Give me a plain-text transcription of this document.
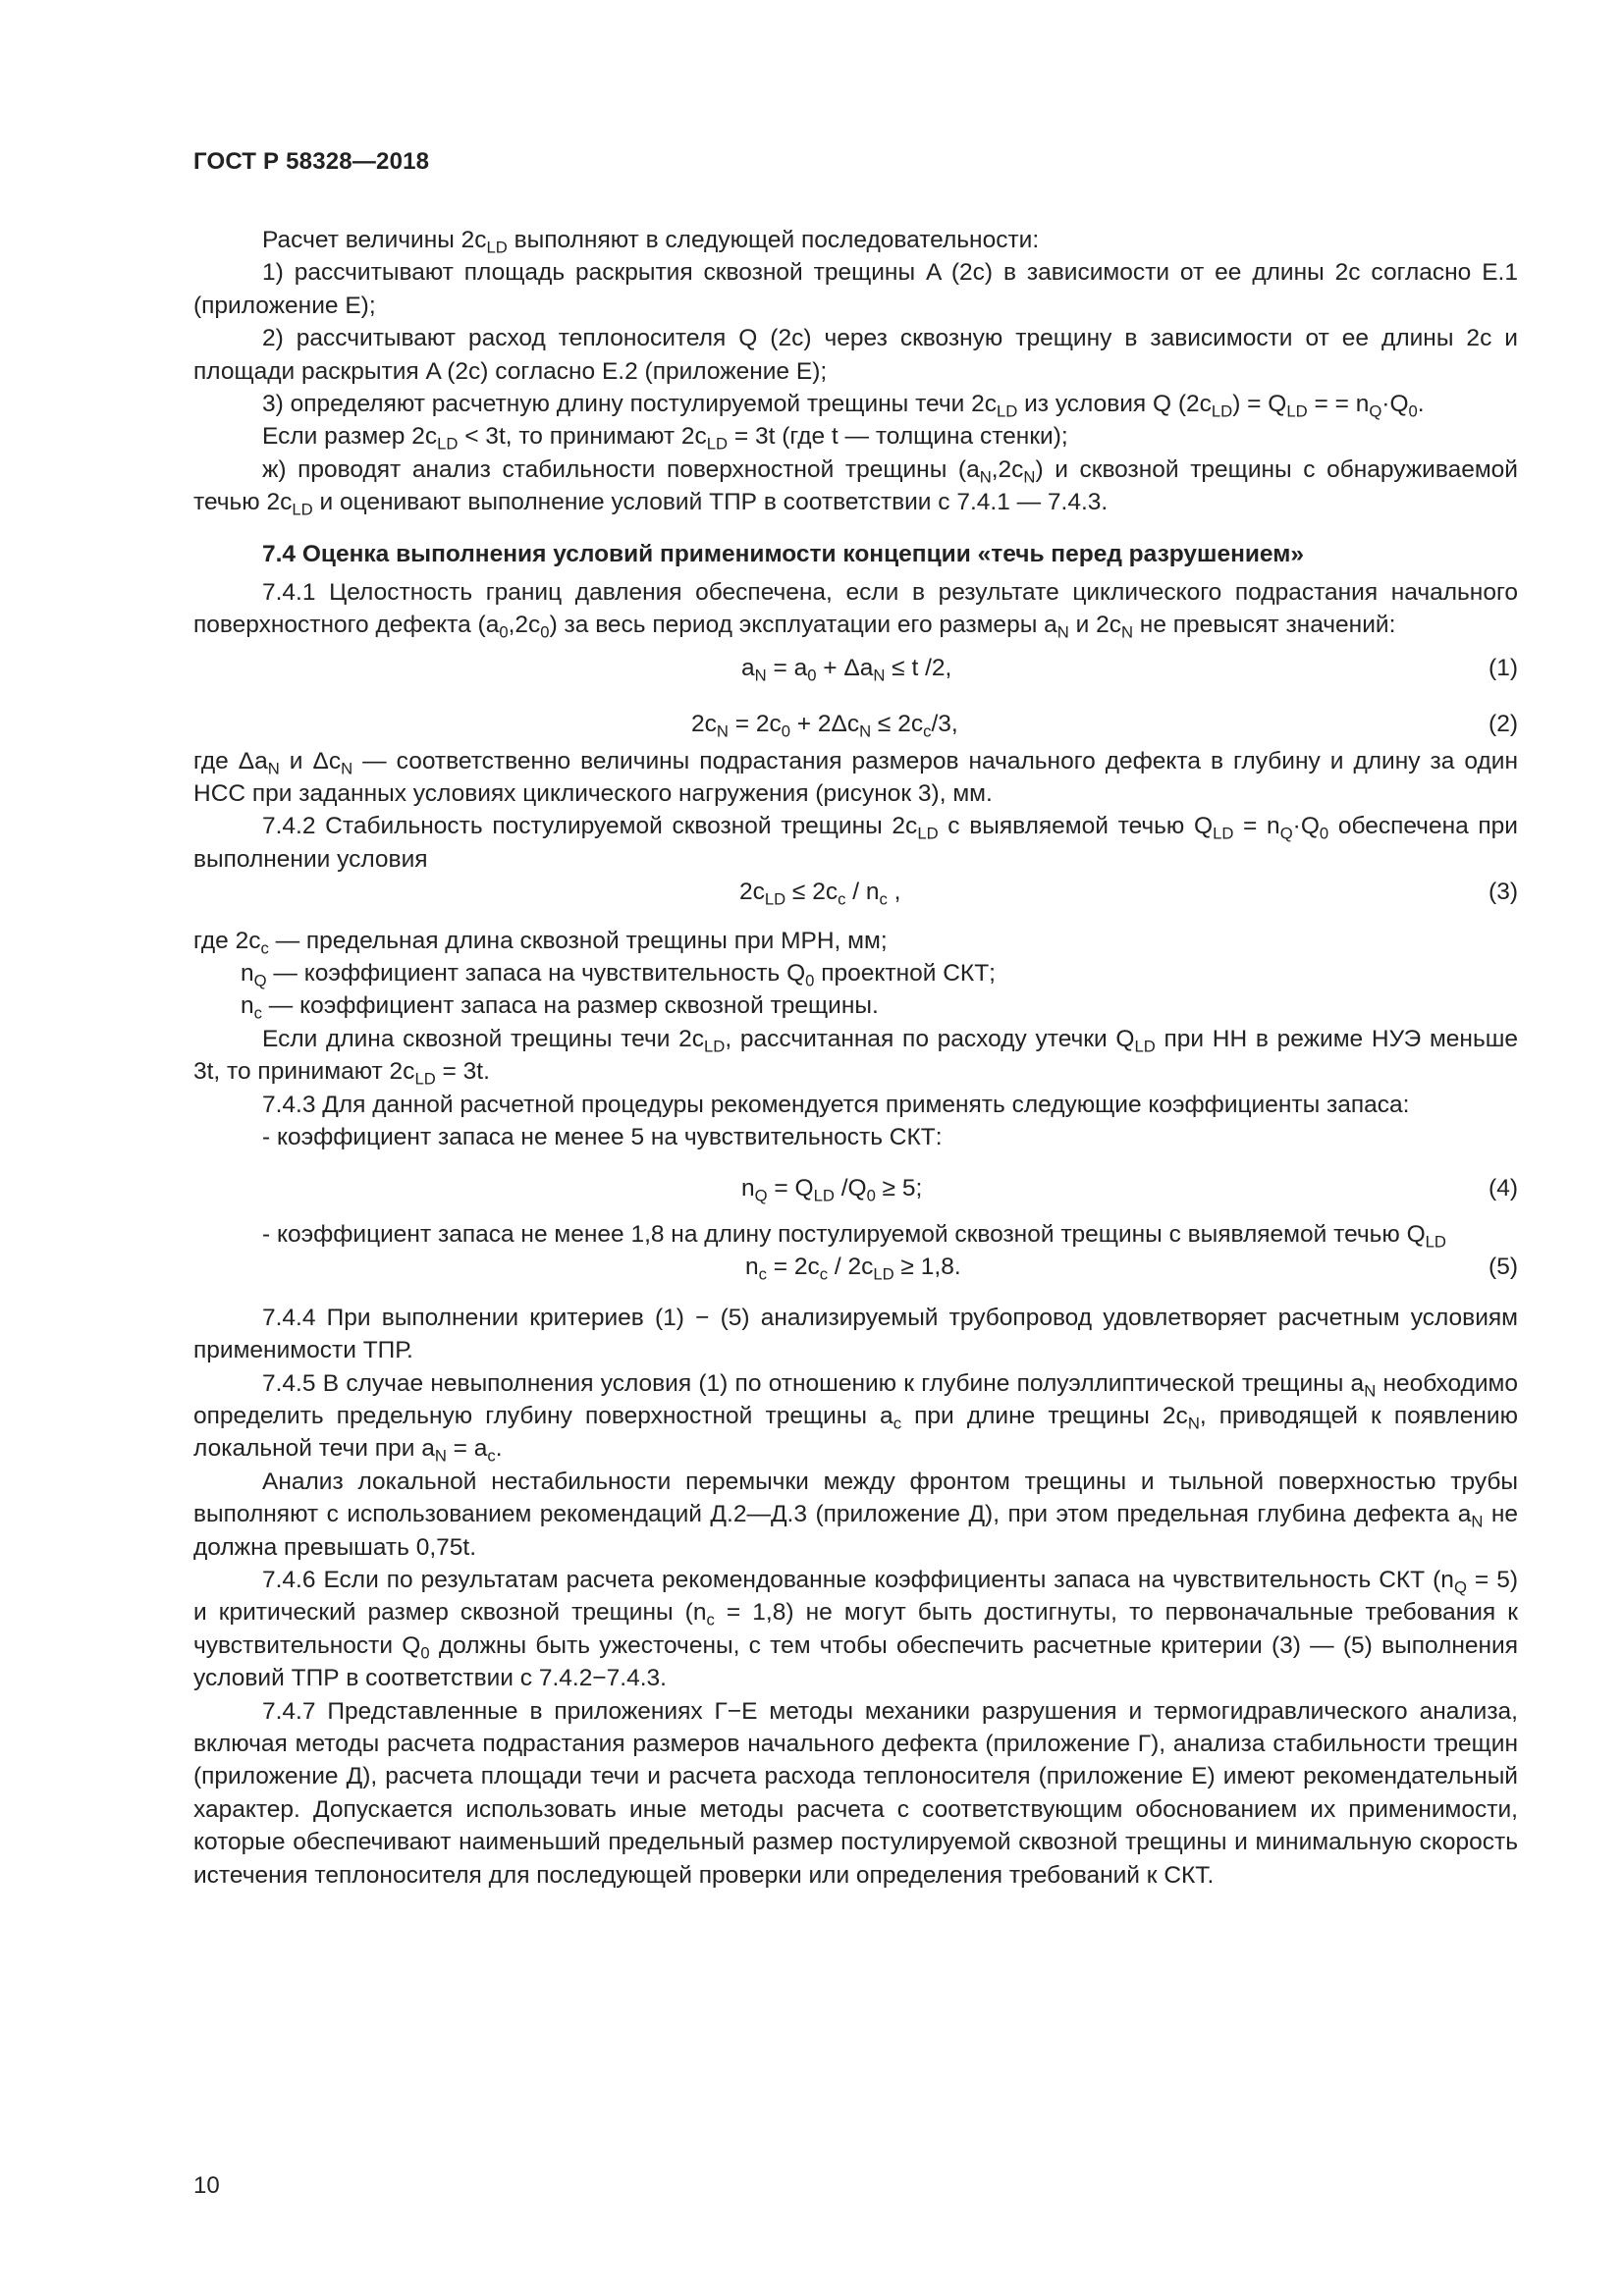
ГОСТ Р 58328—2018

Расчет величины $2c_{LD}$ выполняют в следующей последовательности:

1) рассчитывают площадь раскрытия сквозной трещины A (2c) в зависимости от ее длины 2c согласно Е.1 (приложение Е);

2) рассчитывают расход теплоносителя Q (2c) через сквозную трещину в зависимости от ее длины 2c и площади раскрытия A (2c) согласно Е.2 (приложение Е);

3) определяют расчетную длину постулируемой трещины течи $2c_{LD}$ из условия Q $(2c_{LD}) = Q_{LD}$ = = $n_Q\cdot Q_0$.

Если размер $2c_{LD} < 3t$, то принимают $2c_{LD} = 3t$ (где t — толщина стенки);

ж) проводят анализ стабильности поверхностной трещины $(a_N,2c_N)$ и сквозной трещины с обнаруживаемой течью $2c_{LD}$ и оценивают выполнение условий ТПР в соответствии с 7.4.1 — 7.4.3.

7.4 Оценка выполнения условий применимости концепции «течь перед разрушением»

7.4.1 Целостность границ давления обеспечена, если в результате циклического подрастания начального поверхностного дефекта $(a_0,2c_0)$ за весь период эксплуатации его размеры $a_N$ и $2c_N$ не превысят значений:

$a_N = a_0 + \Delta a_N \le t$ /2,	(1)
$2c_N = 2c_0 + 2\Delta c_N \le 2c_c/3$,	(2)

где $\Delta a_N$ и $\Delta c_N$ — соответственно величины подрастания размеров начального дефекта в глубину и длину за один НСС при заданных условиях циклического нагружения (рисунок 3), мм.

7.4.2 Стабильность постулируемой сквозной трещины $2c_{LD}$ с выявляемой течью $Q_{LD} = n_Q\cdot Q_0$ обеспечена при выполнении условия

$2c_{LD} \le 2c_c / n_c$ ,	(3)

где $2c_c$ — предельная длина сквозной трещины при МРН, мм;

$n_Q$ — коэффициент запаса на чувствительность $Q_0$ проектной СКТ;
$n_c$ — коэффициент запаса на размер сквозной трещины.

Если длина сквозной трещины течи $2c_{LD}$, рассчитанная по расходу утечки $Q_{LD}$ при НН в режиме НУЭ меньше 3t, то принимают $2c_{LD} = 3t$.

7.4.3 Для данной расчетной процедуры рекомендуется применять следующие коэффициенты запаса:

- коэффициент запаса не менее 5 на чувствительность СКТ:

$n_Q = Q_{LD}$ $/Q_0 \ge 5$;	(4)

- коэффициент запаса не менее 1,8 на длину постулируемой сквозной трещины с выявляемой течью $Q_{LD}$

$n_c = 2c_c / 2c_{LD} \ge 1,8$.	(5)

7.4.4 При выполнении критериев (1) − (5) анализируемый трубопровод удовлетворяет расчетным условиям применимости ТПР.

7.4.5 В случае невыполнения условия (1) по отношению к глубине полуэллиптической трещины $a_N$ необходимо определить предельную глубину поверхностной трещины $a_c$ при длине трещины $2c_N$, приводящей к появлению локальной течи при $a_N = a_c$.

Анализ локальной нестабильности перемычки между фронтом трещины и тыльной поверхностью трубы выполняют с использованием рекомендаций Д.2—Д.3 (приложение Д), при этом предельная глубина дефекта $a_N$ не должна превышать 0,75t.

7.4.6 Если по результатам расчета рекомендованные коэффициенты запаса на чувствительность СКТ $(n_Q = 5)$ и критический размер сквозной трещины $(n_c = 1,8)$ не могут быть достигнуты, то первоначальные требования к чувствительности $Q_0$ должны быть ужесточены, с тем чтобы обеспечить расчетные критерии (3) — (5) выполнения условий ТПР в соответствии с 7.4.2−7.4.3.

7.4.7 Представленные в приложениях Г−Е методы механики разрушения и термогидравлического анализа, включая методы расчета подрастания размеров начального дефекта (приложение Г), анализа стабильности трещин (приложение Д), расчета площади течи и расчета расхода теплоносителя (приложение Е) имеют рекомендательный характер. Допускается использовать иные методы расчета с соответствующим обоснованием их применимости, которые обеспечивают наименьший предельный размер постулируемой сквозной трещины и минимальную скорость истечения теплоносителя для последующей проверки или определения требований к СКТ.

10
